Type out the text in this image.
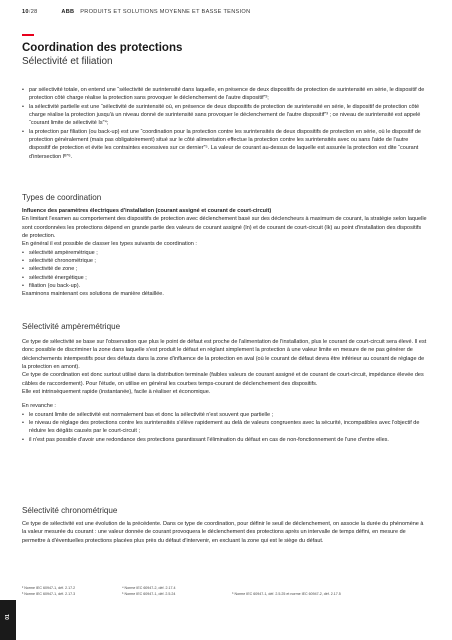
10/28	ABB PRODUITS ET SOLUTIONS MOYENNE ET BASSE TENSION
Coordination des protections
Sélectivité et filiation
• par sélectivité totale, on entend une “sélectivité de surintensité dans laquelle, en présence de deux dispositifs de protection de surintensité en série, le dispositif de protection côté charge réalise la protection sans provoquer le déclenchement de l'autre dispositif”²;
• la sélectivité partielle est une “sélectivité de surintensité où, en présence de deux dispositifs de protection de surintensité en série, le dispositif de protection côté charge réalise la protection jusqu'à un niveau donné de surintensité sans provoquer le déclenchement de l'autre dispositif”³ ; ce niveau de surintensité est appelé “courant limite de sélectivité Is”⁴;
• la protection par filiation (ou back-up) est une “coordination pour la protection contre les surintensités de deux dispositifs de protection en série, où le dispositif de protection généralement (mais pas obligatoirement) situé sur le côté alimentation effectue la protection contre les surintensités avec ou sans l'aide de l'autre dispositif de protection et évite les contraintes excessives sur ce dernier”⁵. La valeur de courant au-dessus de laquelle est assurée la protection est dite “courant d'intersection Iᴮ”⁶.
Types de coordination

Influence des paramètres électriques d'installation (courant assigné et courant de court-circuit)

En limitant l'examen au comportement des dispositifs de protection avec déclenchement basé sur des déclencheurs à maximum de courant, la stratégie selon laquelle sont coordonnées les protections dépend en grande partie des valeurs de courant assigné (In) et de courant de court-circuit (Ik) au point d'installation des dispositifs de protection.

En général il est possible de classer les types suivants de coordination :

• sélectivité ampèremétrique ;
• sélectivité chronométrique ;
• sélectivité de zone ;
• sélectivité énergétique ;
• filiation (ou back-up).

Examinons maintenant ces solutions de manière détaillée.

Sélectivité ampèremétrique

Ce type de sélectivité se base sur l'observation que plus le point de défaut est proche de l'alimentation de l'installation, plus le courant de court-circuit sera élevé. Il est donc possible de discriminer la zone dans laquelle s'est produit le défaut en réglant simplement la protection à une valeur limite en mesure de ne pas générer de déclenchements intempestifs pour des défauts dans la zone d'influence de la protection en aval (où le courant de défaut devra être inférieur au courant de réglage de la protection en amont).

Ce type de coordination est donc surtout utilisé dans la distribution terminale (faibles valeurs de courant assigné et de courant de court-circuit, impédance élevée des câbles de raccordement). Pour l'étude, on utilise en général les courbes temps-courant de déclenchement des dispositifs.

Elle est intrinsèquement rapide (instantanée), facile à réaliser et économique.

En revanche :

• le courant limite de sélectivité est normalement bas et donc la sélectivité n'est souvent que partielle ;
• le niveau de réglage des protections contre les surintensités s'élève rapidement au delà de valeurs congruentes avec la sécurité, incompatibles avec l'objectif de réduire les dégâts causés par le court-circuit ;
• il n'est pas possible d'avoir une redondance des protections garantissant l'élimination du défaut en cas de non-fonctionnement de l'une d'entre elles.
Sélectivité chronométrique

Ce type de sélectivité est une évolution de la précédente. Dans ce type de coordination, pour définir le seuil de déclenchement, on associe la durée du phénomène à la valeur mesurée du courant : une valeur donnée de courant provoquera le déclenchement des protections après un intervalle de temps défini, en mesure de permettre à d'éventuelles protections placées plus près du défaut d'intervenir, en excluant la zone qui est le siège du défaut.

² Norme IEC 60947-1, déf. 2.17.2
³ Norme IEC 60947-1, déf. 2.17.3
⁴ Norme IEC 60947-2, déf. 2.17.4
⁵ Norme IEC 60947-1, déf. 2.5.24	⁶ Norme IEC 60947-1, déf. 2.5.25 et norme IEC 60947-2, déf. 2.17.5
01
